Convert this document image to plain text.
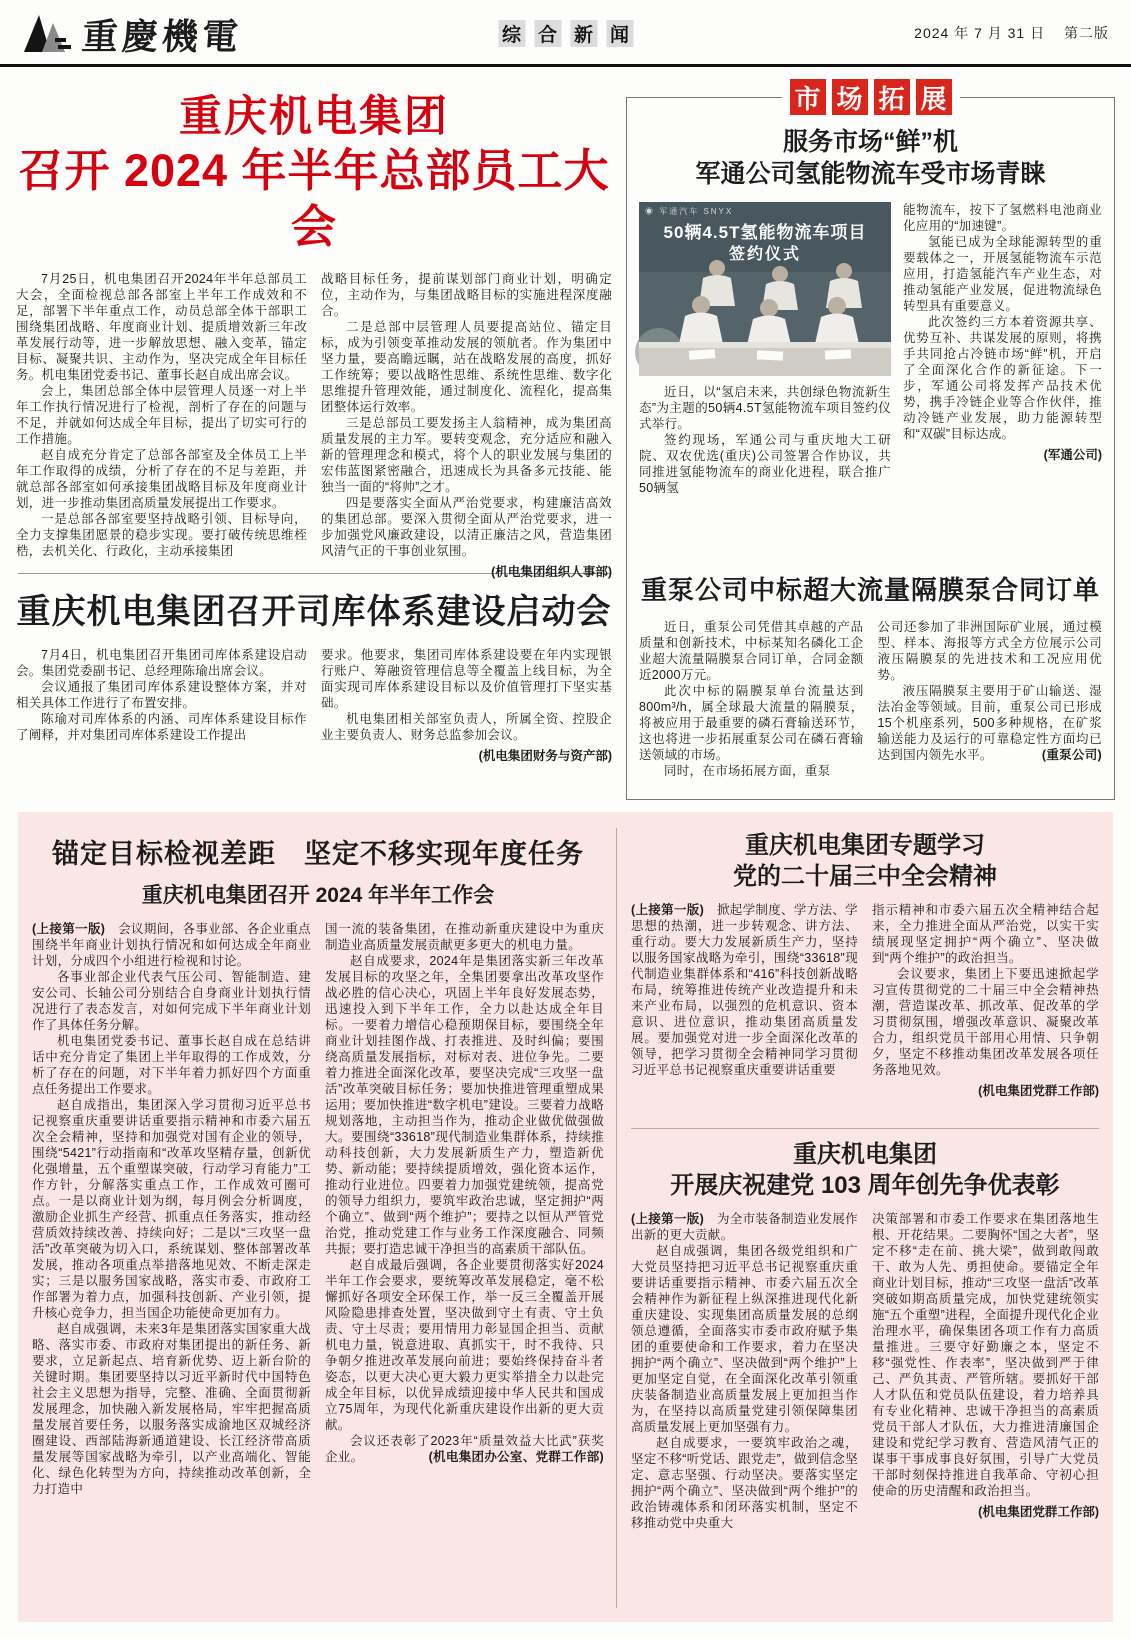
重慶機電	综 合 新 闻	2024 年 7 月 31 日 第二版
重庆机电集团
召开 2024 年半年总部员工大会

7月25日，机电集团召开2024年半年总部员工大会，全面检视总部各部室上半年工作成效和不足，部署下半年重点工作，动员总部全体干部职工围绕集团战略、年度商业计划、提质增效新三年改革发展行动等，进一步解放思想、融入变革，锚定目标、凝聚共识、主动作为，坚决完成全年目标任务。机电集团党委书记、董事长赵自成出席会议。

会上，集团总部全体中层管理人员逐一对上半年工作执行情况进行了检视，剖析了存在的问题与不足，并就如何达成全年目标，提出了切实可行的工作措施。

赵自成充分肯定了总部各部室及全体员工上半年工作取得的成绩，分析了存在的不足与差距，并就总部各部室如何承接集团战略目标及年度商业计划，进一步推动集团高质量发展提出工作要求。

一是总部各部室要坚持战略引领、目标导向，全力支撑集团愿景的稳步实现。要打破传统思维桎梏，去机关化、行政化，主动承接集团

战略目标任务，提前谋划部门商业计划，明确定位，主动作为，与集团战略目标的实施进程深度融合。

二是总部中层管理人员要提高站位、锚定目标，成为引领变革推动发展的领航者。作为集团中坚力量，要高瞻远瞩，站在战略发展的高度，抓好工作统筹；要以战略性思维、系统性思维、数字化思维提升管理效能，通过制度化、流程化，提高集团整体运行效率。

三是总部员工要发扬主人翁精神，成为集团高质量发展的主力军。要转变观念，充分适应和融入新的管理理念和模式，将个人的职业发展与集团的宏伟蓝图紧密融合，迅速成长为具备多元技能、能独当一面的“将帅”之才。

四是要落实全面从严治党要求，构建廉洁高效的集团总部。要深入贯彻全面从严治党要求，进一步加强党风廉政建设，以清正廉洁之风，营造集团风清气正的干事创业氛围。

(机电集团组织人事部)

重庆机电集团召开司库体系建设启动会

7月4日，机电集团召开集团司库体系建设启动会。集团党委副书记、总经理陈瑜出席会议。

会议通报了集团司库体系建设整体方案，并对相关具体工作进行了布置安排。

陈瑜对司库体系的内涵、司库体系建设目标作了阐释，并对集团司库体系建设工作提出

要求。他要求，集团司库体系建设要在年内实现银行账户、筹融资管理信息等全覆盖上线目标，为全面实现司库体系建设目标以及价值管理打下坚实基础。

机电集团相关部室负责人，所属全资、控股企业主要负责人、财务总监参加会议。

(机电集团财务与资产部)

市 场 拓 展
服务市场“鲜”机
军通公司氢能物流车受市场青睐
◉ 军通汽车 SNYX
50辆4.5T氢能物流车项目
签约仪式

近日，以“氢启未来，共创绿色物流新生态”为主题的50辆4.5T氢能物流车项目签约仪式举行。

签约现场，军通公司与重庆地大工研院、双农优选(重庆)公司签署合作协议，共同推进氢能物流车的商业化进程，联合推广50辆氢

能物流车，按下了氢燃料电池商业化应用的“加速键”。

氢能已成为全球能源转型的重要载体之一，开展氢能物流车示范应用，打造氢能汽车产业生态，对推动氢能产业发展，促进物流绿色转型具有重要意义。

此次签约三方本着资源共享、优势互补、共谋发展的原则，将携手共同抢占冷链市场“鲜”机，开启了全面深化合作的新征途。下一步，军通公司将发挥产品技术优势，携手冷链企业等合作伙伴，推动冷链产业发展，助力能源转型和“双碳”目标达成。

(军通公司)

重泵公司中标超大流量隔膜泵合同订单

近日，重泵公司凭借其卓越的产品质量和创新技术，中标某知名磷化工企业超大流量隔膜泵合同订单，合同金额近2000万元。

此次中标的隔膜泵单台流量达到800m³/h，属全球最大流量的隔膜泵，将被应用于最重要的磷石膏输送环节，这也将进一步拓展重泵公司在磷石膏输送领域的市场。

同时，在市场拓展方面，重泵

公司还参加了非洲国际矿业展，通过模型、样本、海报等方式全方位展示公司液压隔膜泵的先进技术和工况应用优势。

液压隔膜泵主要用于矿山输送、湿法冶金等领域。目前，重泵公司已形成15个机座系列，500多种规格，在矿浆输送能力及运行的可靠稳定性方面均已达到国内领先水平。	(重泵公司)

锚定目标检视差距　坚定不移实现年度任务
重庆机电集团召开 2024 年半年工作会

(上接第一版)　 会议期间，各事业部、各企业重点围绕半年商业计划执行情况和如何达成全年商业计划，分成四个小组进行检视和讨论。

各事业部企业代表气压公司、智能制造、建安公司、长轴公司分别结合自身商业计划执行情况进行了表态发言，对如何完成下半年商业计划作了具体任务分解。

机电集团党委书记、董事长赵自成在总结讲话中充分肯定了集团上半年取得的工作成效，分析了存在的问题，对下半年着力抓好四个方面重点任务提出工作要求。

赵自成指出，集团深入学习贯彻习近平总书记视察重庆重要讲话重要指示精神和市委六届五次全会精神，坚持和加强党对国有企业的领导，围绕“5421”行动指南和“改革攻坚精存量，创新优化强增量，五个重塑谋突破，行动学习育能力”工作方针，分解落实重点工作，工作成效可圈可点。一是以商业计划为纲，每月例会分析调度，激励企业抓生产经营、抓重点任务落实，推动经营质效持续改善、持续向好；二是以“三攻坚一盘活”改革突破为切入口，系统谋划、整体部署改革发展，推动各项重点举措落地见效、不断走深走实；三是以服务国家战略，落实市委、市政府工作部署为着力点，加强科技创新、产业引领，提升核心竞争力，担当国企功能使命更加有力。

赵自成强调，未来3年是集团落实国家重大战略、落实市委、市政府对集团提出的新任务、新要求，立足新起点、培育新优势、迈上新台阶的关键时期。集团要坚持以习近平新时代中国特色社会主义思想为指导，完整、准确、全面贯彻新发展理念，加快融入新发展格局，牢牢把握高质量发展首要任务，以服务落实成渝地区双城经济圈建设、西部陆海新通道建设、长江经济带高质量发展等国家战略为牵引，以产业高端化、智能化、绿色化转型为方向，持续推动改革创新，全力打造中

国一流的装备集团，在推动新重庆建设中为重庆制造业高质量发展贡献更多更大的机电力量。

赵自成要求，2024年是集团落实新三年改革发展目标的攻坚之年，全集团要拿出改革攻坚作战必胜的信心决心，巩固上半年良好发展态势，迅速投入到下半年工作，全力以赴达成全年目标。一要着力增信心稳预期保目标，要围绕全年商业计划挂图作战、打表推进、及时纠偏；要围绕高质量发展指标，对标对表、进位争先。二要着力推进全面深化改革，要坚决完成“三攻坚一盘活”改革突破目标任务；要加快推进管理重塑成果运用；要加快推进“数字机电”建设。三要着力战略规划落地，主动担当作为，推动企业做优做强做大。要围绕“33618”现代制造业集群体系，持续推动科技创新，大力发展新质生产力，塑造新优势、新动能；要持续提质增效，强化资本运作，推动行业进位。四要着力加强党建统领，提高党的领导力组织力，要筑牢政治忠诚，坚定拥护“两个确立”、做到“两个维护”；要持之以恒从严管党治党，推动党建工作与业务工作深度融合、同频共振；要打造忠诚干净担当的高素质干部队伍。

赵自成最后强调，各企业要贯彻落实好2024半年工作会要求，要统筹改革发展稳定，毫不松懈抓好各项安全环保工作，举一反三全覆盖开展风险隐患排查处置，坚决做到守土有责、守土负责、守土尽责；要用情用力彰显国企担当、贡献机电力量，锐意进取、真抓实干，时不我待、只争朝夕推进改革发展向前进；要始终保持奋斗者姿态，以更大决心更大毅力更实举措全力以赴完成全年目标，以优异成绩迎接中华人民共和国成立75周年，为现代化新重庆建设作出新的更大贡献。

会议还表彰了2023年“质量效益大比武”获奖企业。	(机电集团办公室、党群工作部)

重庆机电集团专题学习
党的二十届三中全会精神

(上接第一版)　 掀起学制度、学方法、学思想的热潮，进一步转观念、讲方法、重行动。要大力发展新质生产力，坚持以服务国家战略为牵引，围绕“33618”现代制造业集群体系和“416”科技创新战略布局，统筹推进传统产业改造提升和未来产业布局，以强烈的危机意识、资本意识、进位意识，推动集团高质量发展。要加强党对进一步全面深化改革的领导，把学习贯彻全会精神同学习贯彻习近平总书记视察重庆重要讲话重要

指示精神和市委六届五次全精神结合起来，全力推进全面从严治党，以实干实绩展现坚定拥护“两个确立”、坚决做到“两个维护”的政治担当。

会议要求，集团上下要迅速掀起学习宣传贯彻党的二十届三中全会精神热潮，营造谋改革、抓改革、促改革的学习贯彻氛围，增强改革意识、凝聚改革合力，组织党员干部用心用情、只争朝夕，坚定不移推动集团改革发展各项任务落地见效。

(机电集团党群工作部)

重庆机电集团
开展庆祝建党 103 周年创先争优表彰

(上接第一版)　 为全市装备制造业发展作出新的更大贡献。

赵自成强调，集团各级党组织和广大党员坚持把习近平总书记视察重庆重要讲话重要指示精神、市委六届五次全会精神作为新征程上纵深推进现代化新重庆建设、实现集团高质量发展的总纲领总遵循，全面落实市委市政府赋予集团的重要使命和工作要求，着力在坚决拥护“两个确立”、坚决做到“两个维护”上更加坚定自觉，在全面深化改革引领重庆装备制造业高质量发展上更加担当作为，在坚持以高质量党建引领保障集团高质量发展上更加坚强有力。

赵自成要求，一要筑牢政治之魂，坚定不移“听党话、跟党走”，做到信念坚定、意志坚强、行动坚决。要落实坚定拥护“两个确立”、坚决做到“两个维护”的政治铸魂体系和闭环落实机制，坚定不移推动党中央重大

决策部署和市委工作要求在集团落地生根、开花结果。二要胸怀“国之大者”，坚定不移“走在前、挑大梁”，做到敢闯敢干、敢为人先、勇担使命。要锚定全年商业计划目标，推动“三攻坚一盘活”改革突破如期高质量完成，加快党建统领实施“五个重塑”进程，全面提升现代化企业治理水平，确保集团各项工作有力高质量推进。三要守好勤廉之本，坚定不移“强党性、作表率”，坚决做到严于律己、严负其责、严管所辖。要抓好干部人才队伍和党员队伍建设，着力培养具有专业化精神、忠诚干净担当的高素质党员干部人才队伍，大力推进清廉国企建设和党纪学习教育、营造风清气正的谋事干事成事良好氛围，引导广大党员干部时刻保持推进自我革命、守初心担使命的历史清醒和政治担当。

(机电集团党群工作部)
